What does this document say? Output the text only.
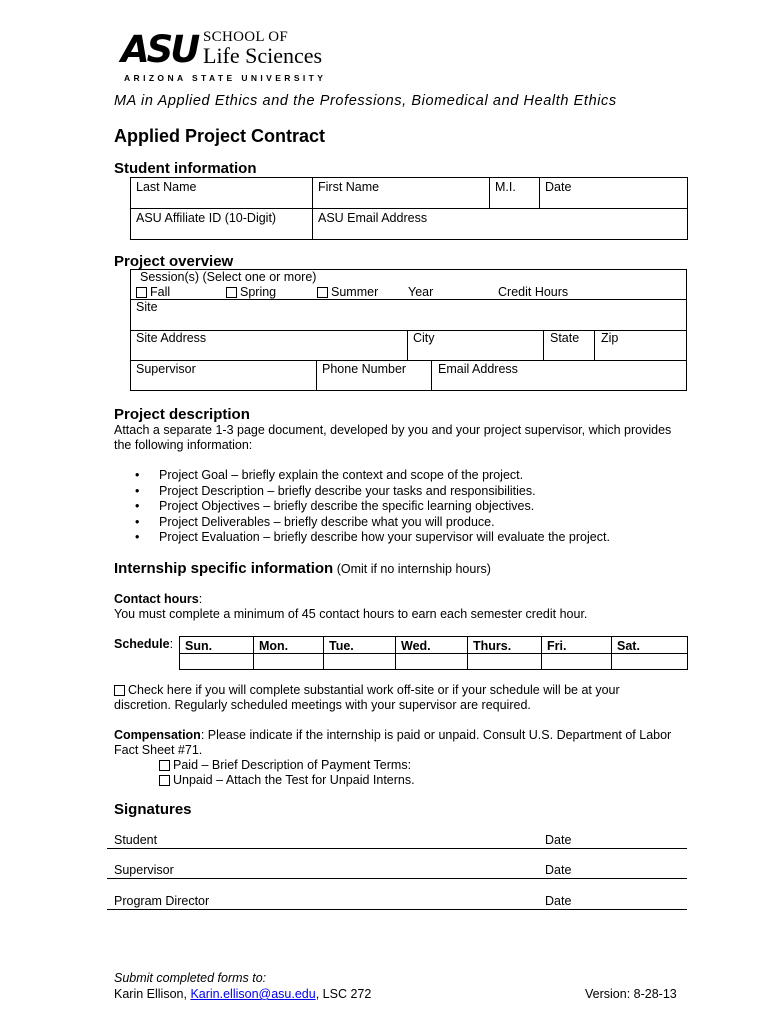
ASU SCHOOL OF
Life Sciences
ARIZONA STATE UNIVERSITY
MA in Applied Ethics and the Professions, Biomedical and Health Ethics
Applied Project Contract
Student information
Last Name	First Name	M.I.	Date
ASU Affiliate ID (10-Digit)	ASU Email Address		
Project overview
Session(s) (Select one or more)
Fall	Spring	Summer Year	Credit Hours
Site
Site Address	City	State Zip
Supervisor	Phone Number	Email Address
Project description
Attach a separate 1-3 page document, developed by you and your project supervisor, which provides
the following information:
• Project Goal – briefly explain the context and scope of the project.
• Project Description – briefly describe your tasks and responsibilities.
• Project Objectives – briefly describe the specific learning objectives.
• Project Deliverables – briefly describe what you will produce.
• Project Evaluation – briefly describe how your supervisor will evaluate the project.
Internship specific information (Omit if no internship hours)
Contact hours:
You must complete a minimum of 45 contact hours to earn each semester credit hour.
Schedule: Sun.	Mon.	Tue.	Wed.	Thurs.	Fri.	Sat.

Check here if you will complete substantial work off-site or if your schedule will be at your
discretion. Regularly scheduled meetings with your supervisor are required.
Compensation: Please indicate if the internship is paid or unpaid. Consult U.S. Department of Labor
Fact Sheet #71.
Paid – Brief Description of Payment Terms:
Unpaid – Attach the Test for Unpaid Interns.
Signatures
Student	Date
Supervisor	Date
Program Director	Date
Submit completed forms to:
Karin Ellison, Karin.ellison@asu.edu, LSC 272	Version: 8-28-13
